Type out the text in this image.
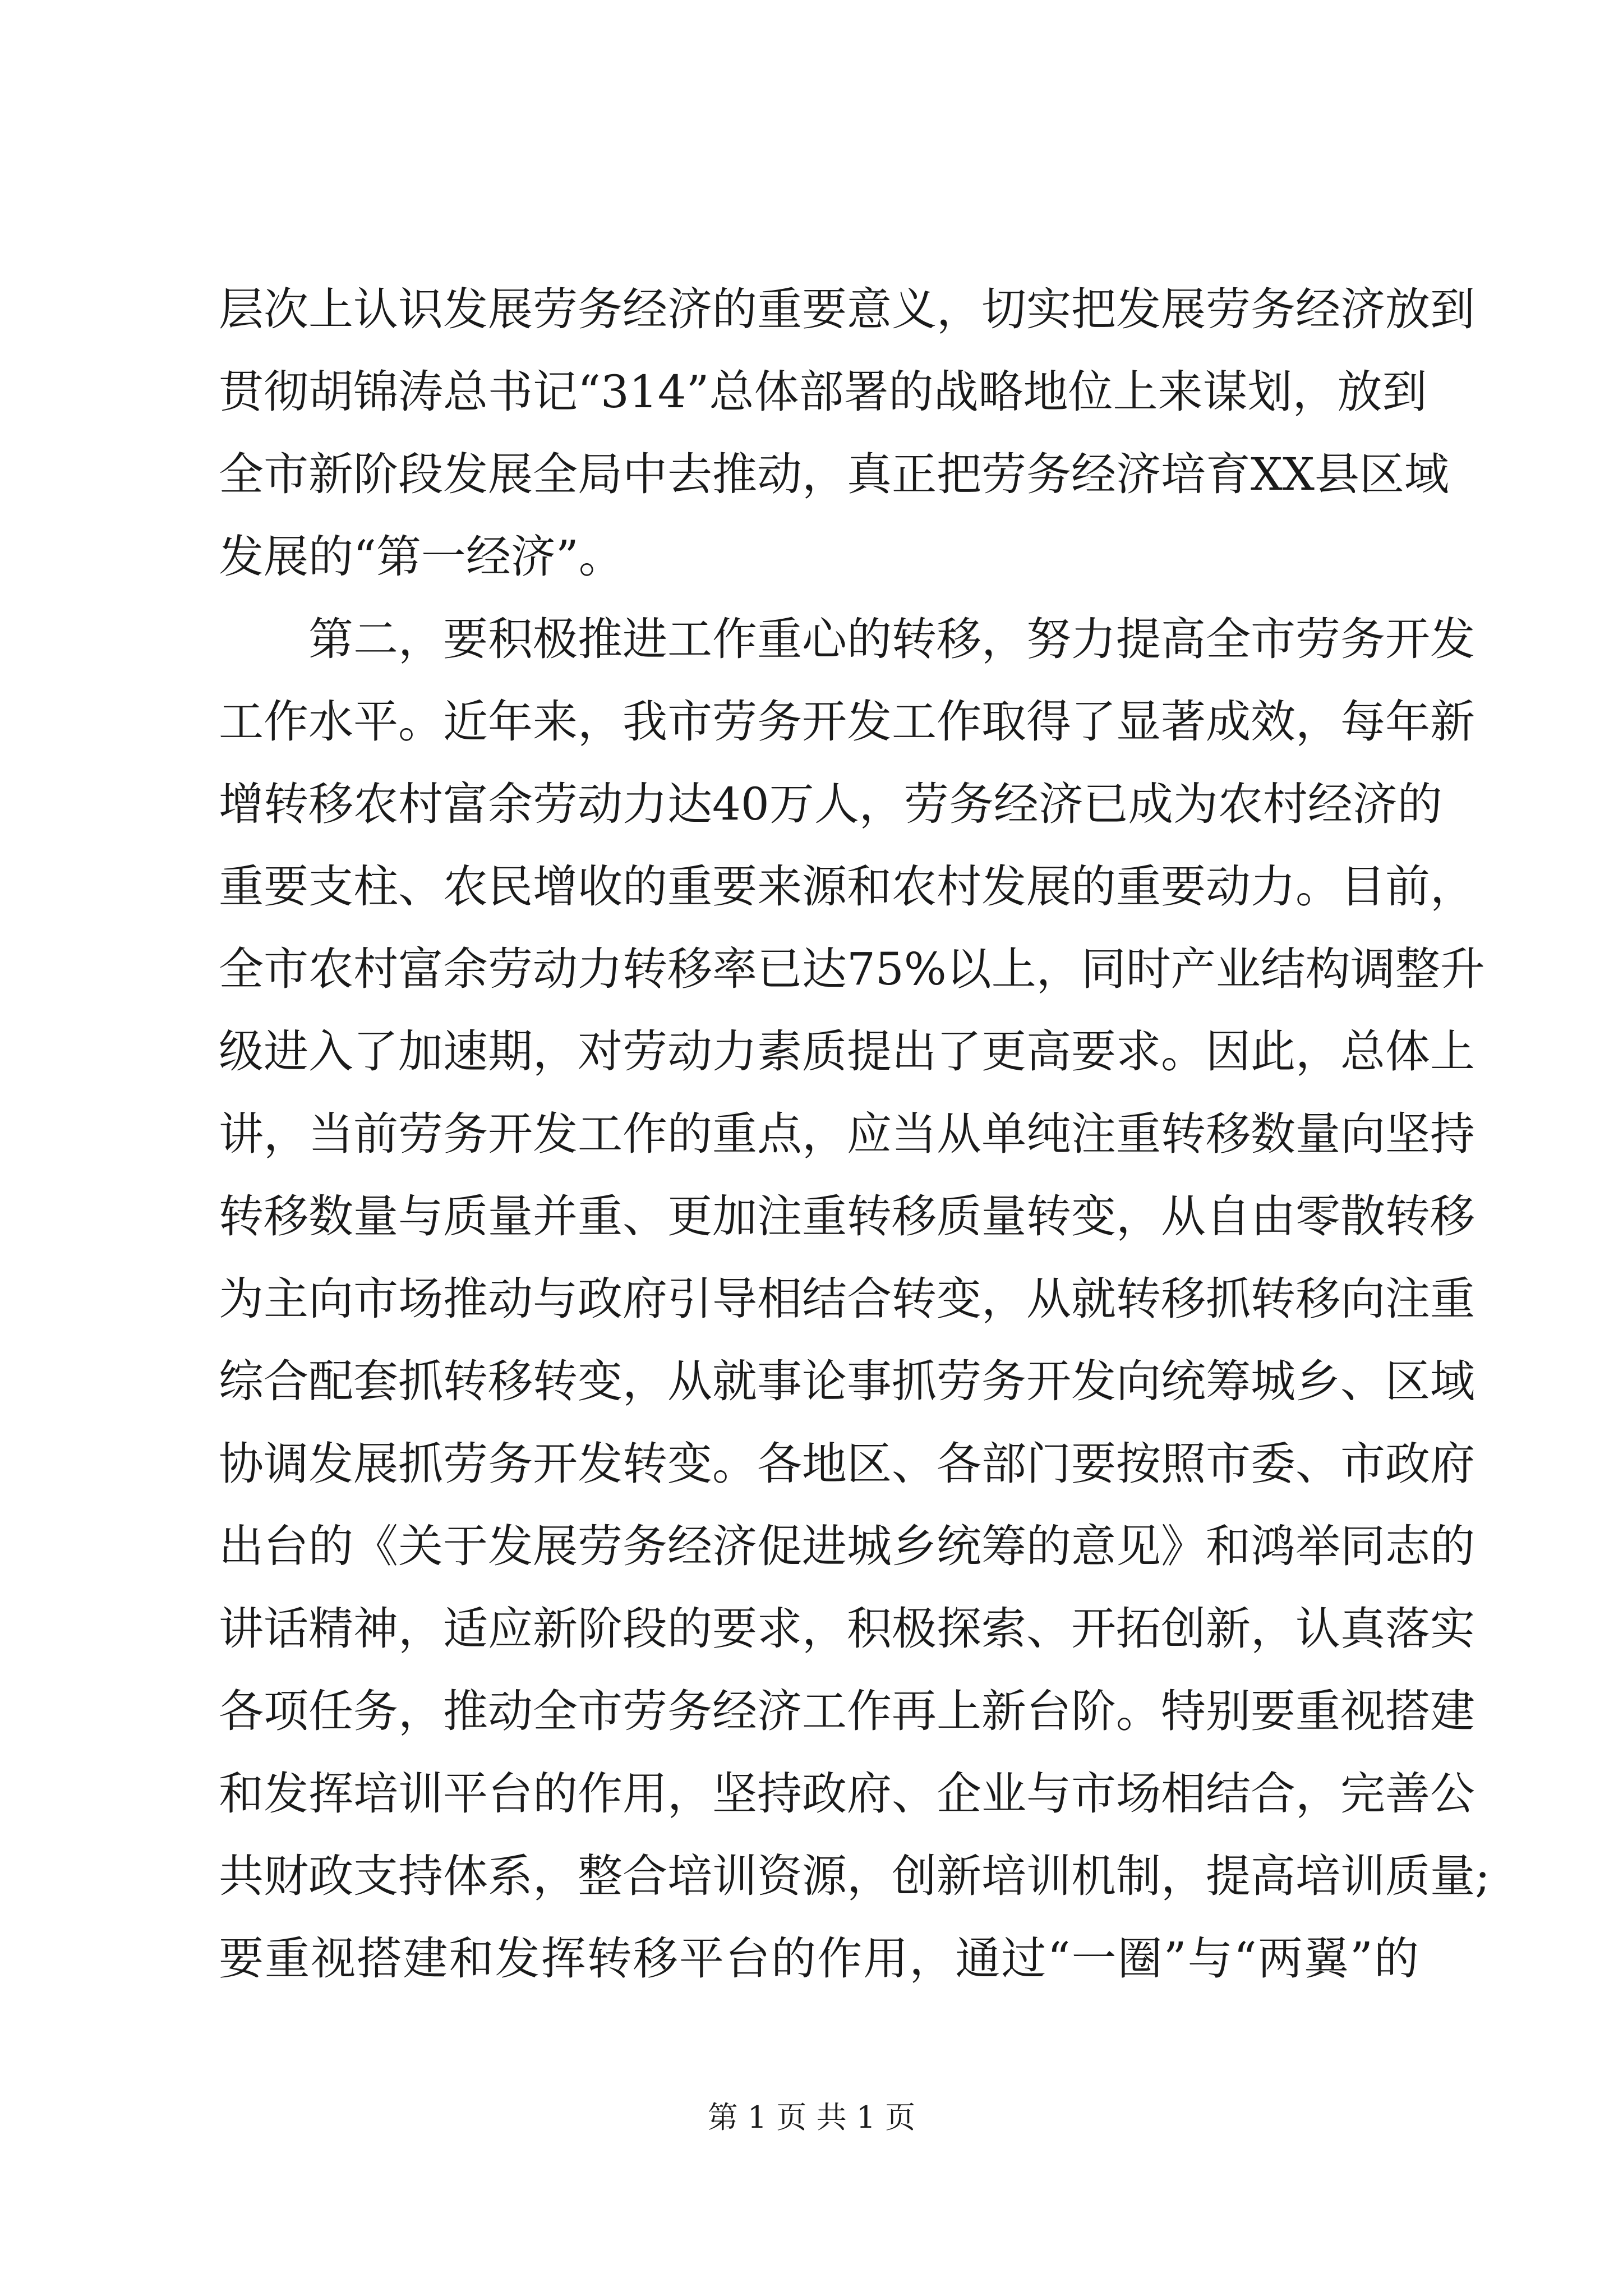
层次上认识发展劳务经济的重要意义，切实把发展劳务经济放到
贯彻胡锦涛总书记“314”总体部署的战略地位上来谋划，放到
全市新阶段发展全局中去推动，真正把劳务经济培育XX县区域
发展的“第一经济”。
第二，要积极推进工作重心的转移，努力提高全市劳务开发
工作水平。近年来，我市劳务开发工作取得了显著成效，每年新
增转移农村富余劳动力达40万人，劳务经济已成为农村经济的
重要支柱、农民增收的重要来源和农村发展的重要动力。目前，
全市农村富余劳动力转移率已达75%以上，同时产业结构调整升
级进入了加速期，对劳动力素质提出了更高要求。因此，总体上
讲，当前劳务开发工作的重点，应当从单纯注重转移数量向坚持
转移数量与质量并重、更加注重转移质量转变，从自由零散转移
为主向市场推动与政府引导相结合转变，从就转移抓转移向注重
综合配套抓转移转变，从就事论事抓劳务开发向统筹城乡、区域
协调发展抓劳务开发转变。各地区、各部门要按照市委、市政府
出台的《关于发展劳务经济促进城乡统筹的意见》和鸿举同志的
讲话精神，适应新阶段的要求，积极探索、开拓创新，认真落实
各项任务，推动全市劳务经济工作再上新台阶。特别要重视搭建
和发挥培训平台的作用，坚持政府、企业与市场相结合，完善公
共财政支持体系，整合培训资源，创新培训机制，提高培训质量;
要重视搭建和发挥转移平台的作用，通过“一圈”与“两翼”的
第 1 页 共 1 页
